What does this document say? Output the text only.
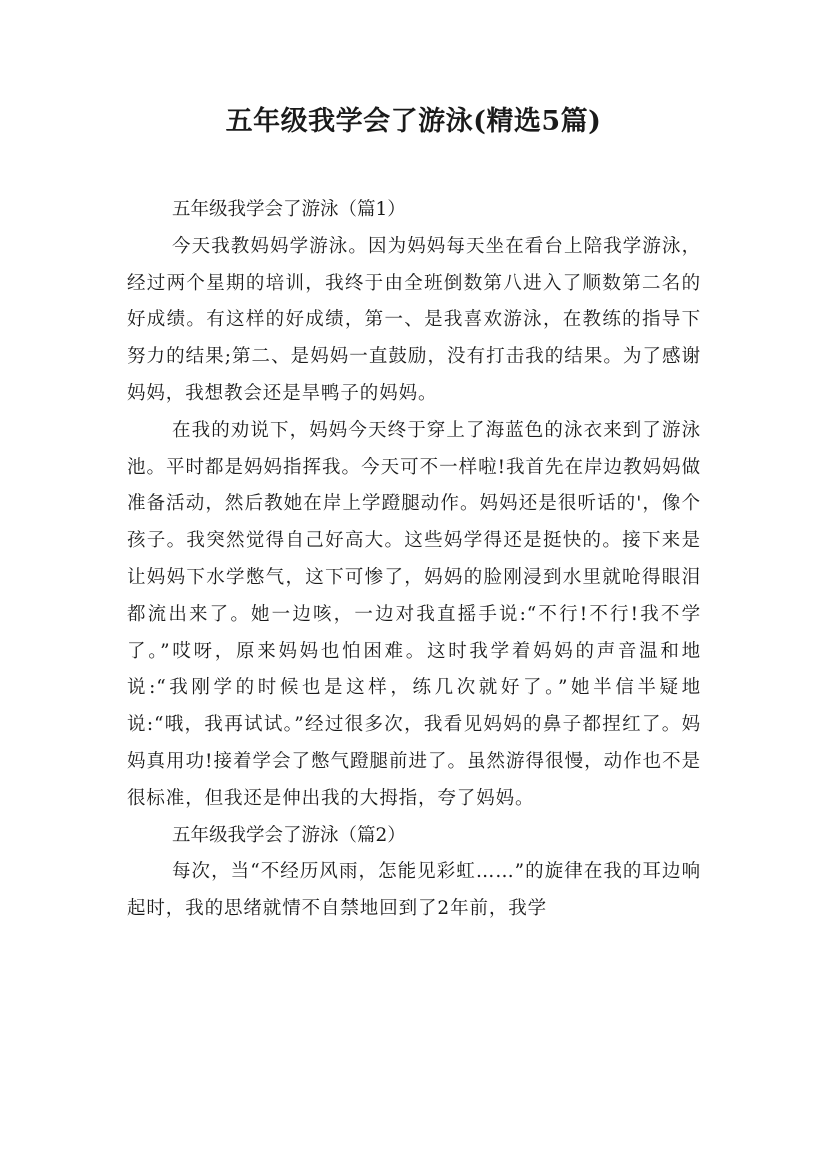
五年级我学会了游泳(精选5篇)
五年级我学会了游泳（篇1）

今天我教妈妈学游泳。因为妈妈每天坐在看台上陪我学游泳，经过两个星期的培训，我终于由全班倒数第八进入了顺数第二名的好成绩。有这样的好成绩，第一、是我喜欢游泳，在教练的指导下努力的结果;第二、是妈妈一直鼓励，没有打击我的结果。为了感谢妈妈，我想教会还是旱鸭子的妈妈。

在我的劝说下，妈妈今天终于穿上了海蓝色的泳衣来到了游泳池。平时都是妈妈指挥我。今天可不一样啦!我首先在岸边教妈妈做准备活动，然后教她在岸上学蹬腿动作。妈妈还是很听话的'，像个孩子。我突然觉得自己好高大。这些妈学得还是挺快的。接下来是让妈妈下水学憋气，这下可惨了，妈妈的脸刚浸到水里就呛得眼泪都流出来了。她一边咳，一边对我直摇手说:“不行!不行!我不学了。”哎呀，原来妈妈也怕困难。这时我学着妈妈的声音温和地说:“我刚学的时候也是这样，练几次就好了。”她半信半疑地说:“哦，我再试试。”经过很多次，我看见妈妈的鼻子都捏红了。妈妈真用功!接着学会了憋气蹬腿前进了。虽然游得很慢，动作也不是很标准，但我还是伸出我的大拇指，夸了妈妈。

五年级我学会了游泳（篇2）

每次，当“不经历风雨，怎能见彩虹……”的旋律在我的耳边响起时，我的思绪就情不自禁地回到了2年前，我学
